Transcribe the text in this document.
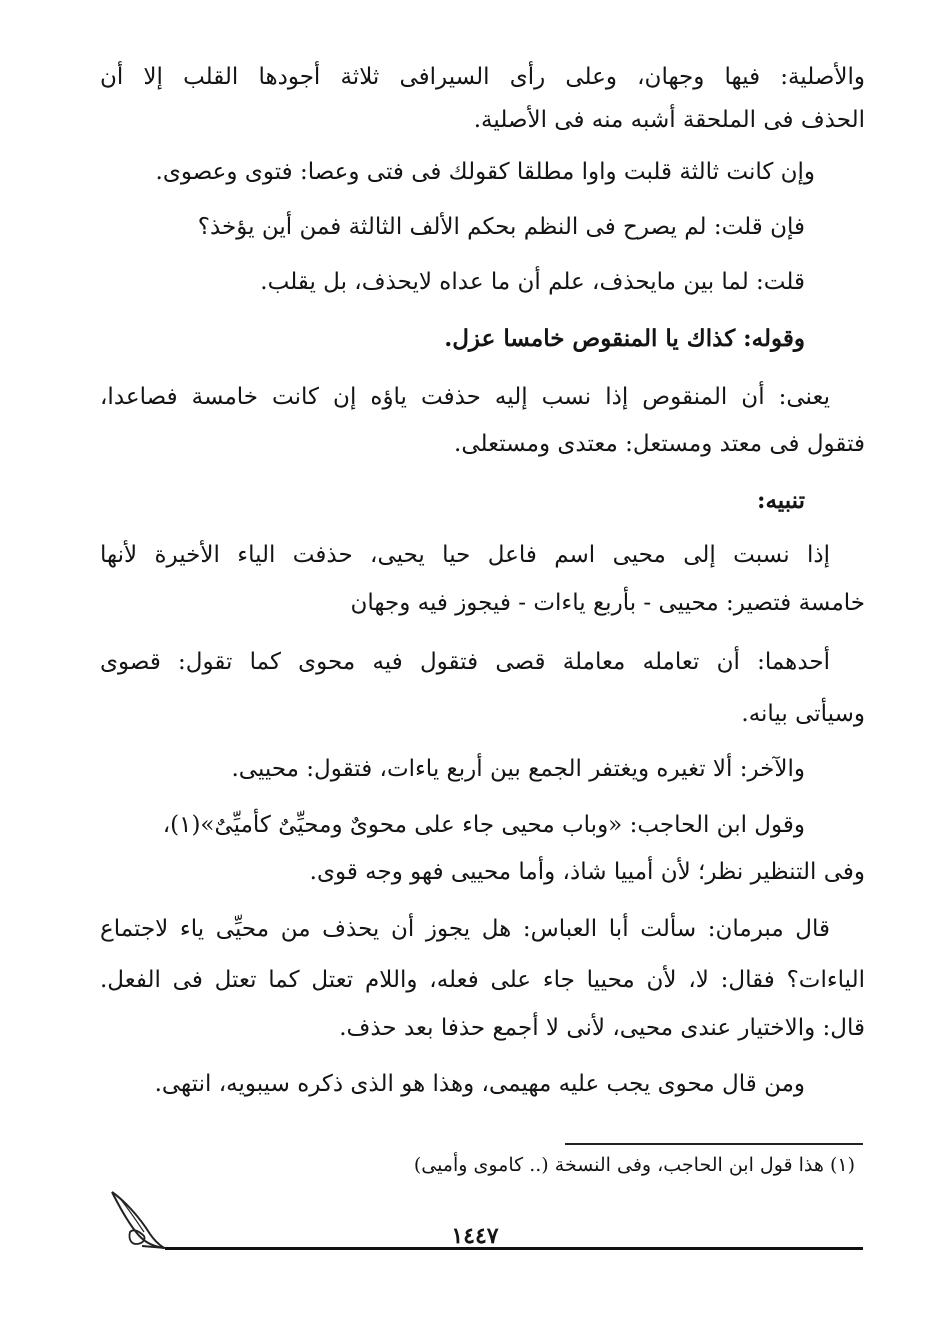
والأصلية: فيها وجهان، وعلى رأى السيرافى ثلاثة أجودها القلب إلا أن
الحذف فى الملحقة أشبه منه فى الأصلية.
وإن كانت ثالثة قلبت واوا مطلقا كقولك فى فتى وعصا: فتوى وعصوى.
فإن قلت: لم يصرح فى النظم بحكم الألف الثالثة فمن أين يؤخذ؟
قلت: لما بين مايحذف، علم أن ما عداه لايحذف، بل يقلب.
وقوله: كذاك يا المنقوص خامسا عزل.
يعنى: أن المنقوص إذا نسب إليه حذفت ياؤه إن كانت خامسة فصاعدا،
فتقول فى معتد ومستعل: معتدى ومستعلى.
تنبيه:
إذا نسبت إلى محيى اسم فاعل حيا يحيى، حذفت الياء الأخيرة لأنها
خامسة فتصير: محييى - بأربع ياءات - فيجوز فيه وجهان
أحدهما: أن تعامله معاملة قصى فتقول فيه محوى كما تقول: قصوى
وسيأتى بيانه.
والآخر: ألا تغيره ويغتفر الجمع بين أربع ياءات، فتقول: محييى.
وقول ابن الحاجب: «وباب محيى جاء على محوىٌ ومحيِّىٌ كأميِّىٌ»(١)،
وفى التنظير نظر؛ لأن أمييا شاذ، وأما محييى فهو وجه قوى.
قال مبرمان: سألت أبا العباس: هل يجوز أن يحذف من محيِّى ياء لاجتماع
الياءات؟ فقال: لا، لأن محييا جاء على فعله، واللام تعتل كما تعتل فى الفعل.
قال: والاختيار عندى محيى، لأنى لا أجمع حذفا بعد حذف.
ومن قال محوى يجب عليه مهيمى، وهذا هو الذى ذكره سيبويه، انتهى.
(١) هذا قول ابن الحاجب، وفى النسخة (.. كاموى وأميى)
١٤٤٧
